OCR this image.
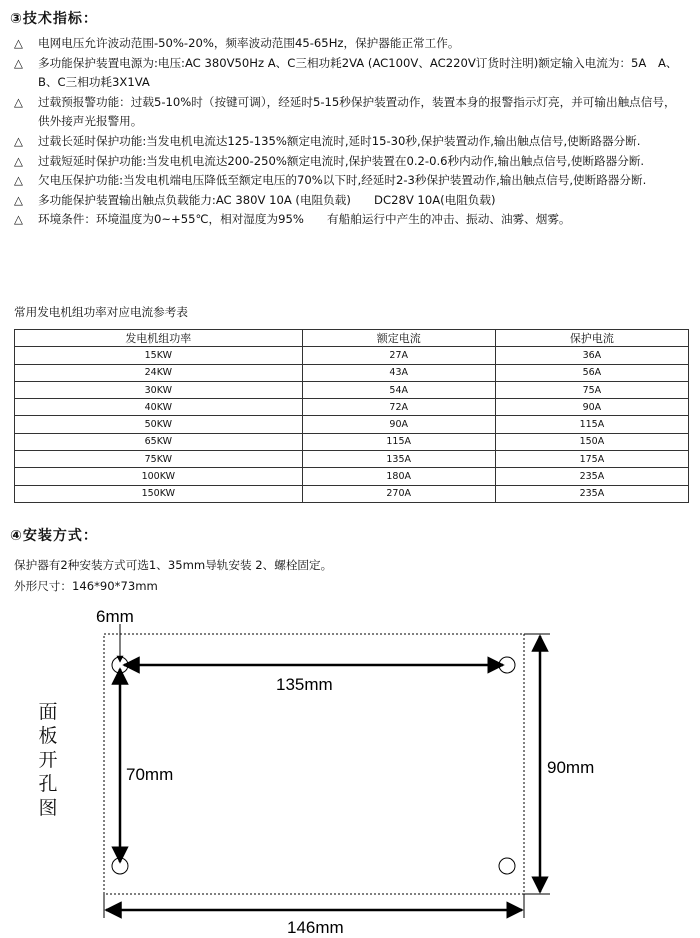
③技术指标：
△ 电网电压允许波动范围-50%-20%，频率波动范围45-65Hz，保护器能正常工作。
△ 多功能保护装置电源为:电压:AC 380V50Hz A、C三相功耗2VA (AC100V、AC220V订货时注明)额定输入电流为：5A　A、B、C三相功耗3X1VA
△ 过载预报警功能：过载5-10%时（按键可调），经延时5-15秒保护装置动作，装置本身的报警指示灯亮，并可输出触点信号，供外接声光报警用。
△ 过载长延时保护功能:当发电机电流达125-135%额定电流时,延时15-30秒,保护装置动作,输出触点信号,使断路器分断.
△ 过载短延时保护功能:当发电机电流达200-250%额定电流时,保护装置在0.2-0.6秒内动作,输出触点信号,使断路器分断.
△ 欠电压保护功能:当发电机端电压降低至额定电压的70%以下时,经延时2-3秒保护装置动作,输出触点信号,使断路器分断.
△ 多功能保护装置输出触点负载能力:AC 380V 10A (电阻负载)　　DC28V 10A(电阻负载)
△ 环境条件：环境温度为0~+55℃，相对湿度为95%　　有船舶运行中产生的冲击、振动、油雾、烟雾。
常用发电机组功率对应电流参考表
发电机组功率	额定电流	保护电流
15KW	27A	36A
24KW	43A	56A
30KW	54A	75A
40KW	72A	90A
50KW	90A	115A
65KW	115A	150A
75KW	135A	175A
100KW	180A	235A
150KW	270A	235A
④安装方式：
保护器有2种安装方式可选1、35mm导轨安装 2、螺栓固定。
外形尺寸：146*90*73mm
面板开孔图
6mm
135mm
70mm	90mm
146mm
